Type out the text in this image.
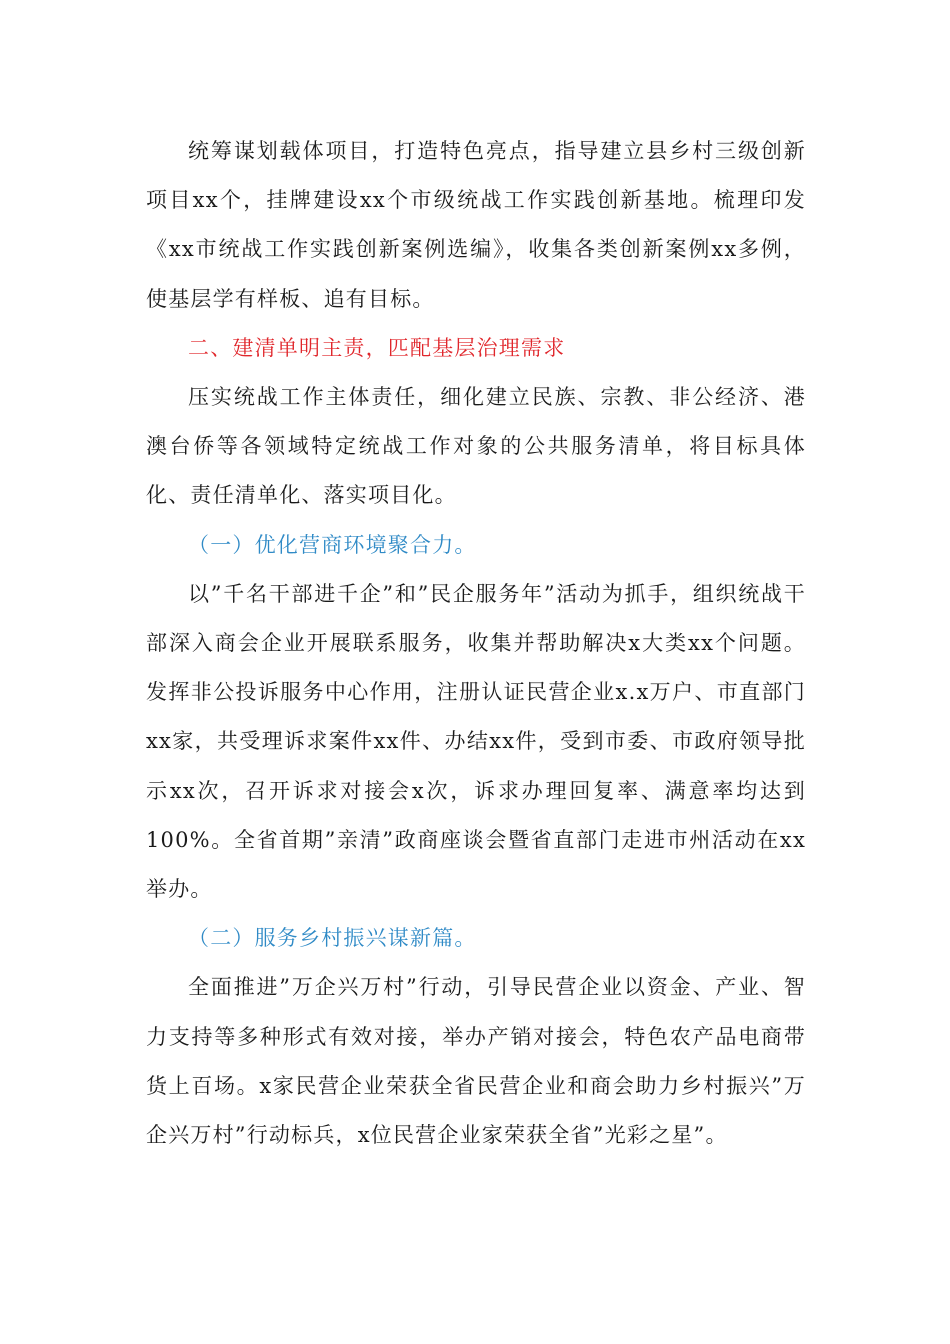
统筹谋划载体项目，打造特色亮点，指导建立县乡村三级创新项目xx个，挂牌建设xx个市级统战工作实践创新基地。梳理印发《xx市统战工作实践创新案例选编》，收集各类创新案例xx多例，使基层学有样板、追有目标。

二、建清单明主责，匹配基层治理需求

压实统战工作主体责任，细化建立民族、宗教、非公经济、港澳台侨等各领域特定统战工作对象的公共服务清单，将目标具体化、责任清单化、落实项目化。

（一）优化营商环境聚合力。

以”千名干部进千企”和”民企服务年”活动为抓手，组织统战干部深入商会企业开展联系服务，收集并帮助解决x大类xx个问题。发挥非公投诉服务中心作用，注册认证民营企业x.x万户、市直部门xx家，共受理诉求案件xx件、办结xx件，受到市委、市政府领导批示xx次，召开诉求对接会x次，诉求办理回复率、满意率均达到100%。全省首期”亲清”政商座谈会暨省直部门走进市州活动在xx举办。

（二）服务乡村振兴谋新篇。

全面推进”万企兴万村”行动，引导民营企业以资金、产业、智力支持等多种形式有效对接，举办产销对接会，特色农产品电商带货上百场。x家民营企业荣获全省民营企业和商会助力乡村振兴”万企兴万村”行动标兵，x位民营企业家荣获全省”光彩之星”。
